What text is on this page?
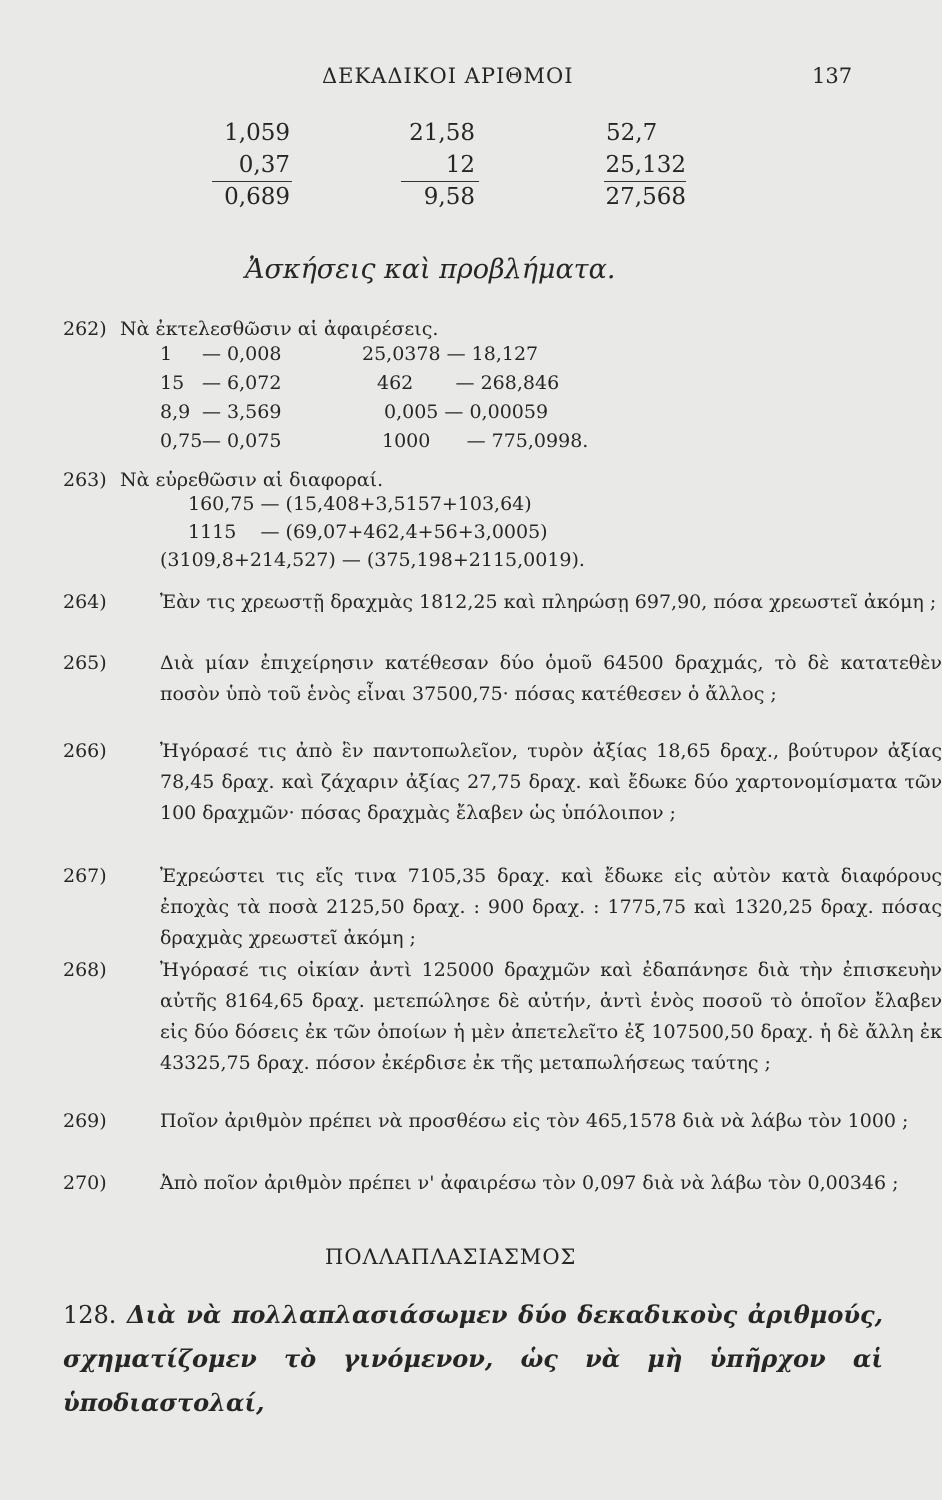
ΔΕΚΑΔΙΚΟΙ ΑΡΙΘΜΟΙ	137
1,059
0,37
0,689
21,58
12
9,58
52,7
25,132
27,568
Ἀσκήσεις καὶ προβλήματα.
262) Νὰ ἐκτελεσθῶσιν αἱ ἀφαιρέσεις.
1 — 0,008	25,0378 — 18,127
15 — 6,072	462       — 268,846
8,9 — 3,569	0,005 — 0,00059
0,75— 0,075	1000      — 775,0998.
263) Νὰ εὑρεθῶσιν αἱ διαφοραί.
160,75 — (15,408+3,5157+103,64)
1115    — (69,07+462,4+56+3,0005)
(3109,8+214,527) — (375,198+2115,0019).
264)	Ἐὰν τις χρεωστῇ δραχμὰς 1812,25 καὶ πληρώσῃ 697,90, πόσα χρεωστεῖ ἀκόμη ;
265)	Διὰ μίαν ἐπιχείρησιν κατέθεσαν δύο ὁμοῦ 64500 δραχμάς, τὸ δὲ κατατεθὲν ποσὸν ὑπὸ τοῦ ἑνὸς εἶναι 37500,75· πόσας κατέθεσεν ὁ ἄλλος ;
266)	Ἠγόρασέ τις ἀπὸ ἓν παντοπωλεῖον, τυρὸν ἀξίας 18,65 δραχ., βούτυρον ἀξίας 78,45 δραχ. καὶ ζάχαριν ἀξίας 27,75 δραχ. καὶ ἔδωκε δύο χαρτονομίσματα τῶν 100 δραχμῶν· πόσας δραχμὰς ἔλαβεν ὡς ὑπόλοιπον ;
267)	Ἐχρεώστει τις εἴς τινα 7105,35 δραχ. καὶ ἔδωκε εἰς αὐτὸν κατὰ διαφόρους ἐποχὰς τὰ ποσὰ 2125,50 δραχ. : 900 δραχ. : 1775,75 καὶ 1320,25 δραχ. πόσας δραχμὰς χρεωστεῖ ἀκόμη ;
268)	Ἠγόρασέ τις οἰκίαν ἀντὶ 125000 δραχμῶν καὶ ἐδαπάνησε διὰ τὴν ἐπισκευὴν αὐτῆς 8164,65 δραχ. μετεπώλησε δὲ αὐτήν, ἀντὶ ἑνὸς ποσοῦ τὸ ὁποῖον ἔλαβεν εἰς δύο δόσεις ἐκ τῶν ὁποίων ἡ μὲν ἀπετελεῖτο ἐξ 107500,50 δραχ. ἡ δὲ ἄλλη ἐκ 43325,75 δραχ. πόσον ἐκέρδισε ἐκ τῆς μεταπωλήσεως ταύτης ;
269)	Ποῖον ἀριθμὸν πρέπει νὰ προσθέσω εἰς τὸν 465,1578 διὰ νὰ λάβω τὸν 1000 ;
270)	Ἀπὸ ποῖον ἀριθμὸν πρέπει ν' ἀφαιρέσω τὸν 0,097 διὰ νὰ λάβω τὸν 0,00346 ;
ΠΟΛΛΑΠΛΑΣΙΑΣΜΟΣ
128. Διὰ νὰ πολλαπλασιάσωμεν δύο δεκαδικοὺς ἀριθμούς, σχηματίζομεν τὸ γινόμενον, ὡς νὰ μὴ ὑπῆρχον αἱ ὑποδιαστολαί,
